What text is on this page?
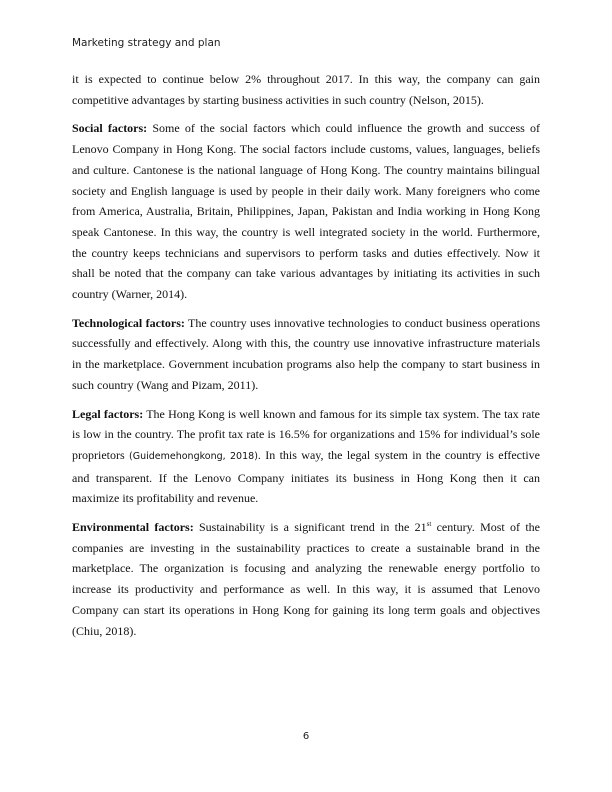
Marketing strategy and plan

it is expected to continue below 2% throughout 2017. In this way, the company can gain competitive advantages by starting business activities in such country (Nelson, 2015).

Social factors: Some of the social factors which could influence the growth and success of Lenovo Company in Hong Kong. The social factors include customs, values, languages, beliefs and culture. Cantonese is the national language of Hong Kong. The country maintains bilingual society and English language is used by people in their daily work. Many foreigners who come from America, Australia, Britain, Philippines, Japan, Pakistan and India working in Hong Kong speak Cantonese. In this way, the country is well integrated society in the world. Furthermore, the country keeps technicians and supervisors to perform tasks and duties effectively. Now it shall be noted that the company can take various advantages by initiating its activities in such country (Warner, 2014).

Technological factors: The country uses innovative technologies to conduct business operations successfully and effectively. Along with this, the country use innovative infrastructure materials in the marketplace. Government incubation programs also help the company to start business in such country (Wang and Pizam, 2011).

Legal factors: The Hong Kong is well known and famous for its simple tax system. The tax rate is low in the country. The profit tax rate is 16.5% for organizations and 15% for individual’s sole proprietors (Guidemehongkong, 2018). In this way, the legal system in the country is effective and transparent. If the Lenovo Company initiates its business in Hong Kong then it can maximize its profitability and revenue.

Environmental factors: Sustainability is a significant trend in the 21st century. Most of the companies are investing in the sustainability practices to create a sustainable brand in the marketplace. The organization is focusing and analyzing the renewable energy portfolio to increase its productivity and performance as well. In this way, it is assumed that Lenovo Company can start its operations in Hong Kong for gaining its long term goals and objectives (Chiu, 2018).

6
